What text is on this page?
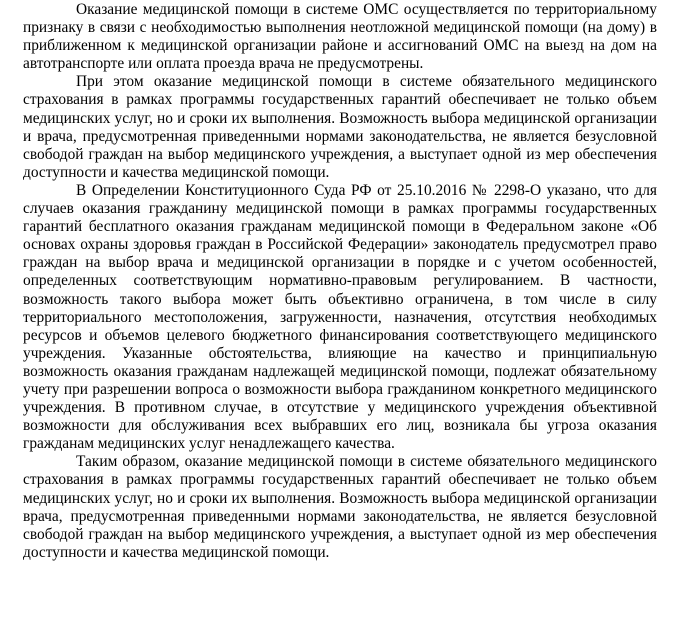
Оказание медицинской помощи в системе ОМС осуществляется по территориальному признаку в связи с необходимостью выполнения неотложной медицинской помощи (на дому) в приближенном к медицинской организации районе и ассигнований ОМС на выезд на дом на автотранспорте или оплата проезда врача не предусмотрены.

При этом оказание медицинской помощи в системе обязательного медицинского страхования в рамках программы государственных гарантий обеспечивает не только объем медицинских услуг, но и сроки их выполнения. Возможность выбора медицинской организации и врача, предусмотренная приведенными нормами законодательства, не является безусловной свободой граждан на выбор медицинского учреждения, а выступает одной из мер обеспечения доступности и качества медицинской помощи.

В Определении Конституционного Суда РФ от 25.10.2016 № 2298-О указано, что для случаев оказания гражданину медицинской помощи в рамках программы государственных гарантий бесплатного оказания гражданам медицинской помощи в Федеральном законе «Об основах охраны здоровья граждан в Российской Федерации» законодатель предусмотрел право граждан на выбор врача и медицинской организации в порядке и с учетом особенностей, определенных соответствующим нормативно-правовым регулированием. В частности, возможность такого выбора может быть объективно ограничена, в том числе в силу территориального местоположения, загруженности, назначения, отсутствия необходимых ресурсов и объемов целевого бюджетного финансирования соответствующего медицинского учреждения. Указанные обстоятельства, влияющие на качество и принципиальную возможность оказания гражданам надлежащей медицинской помощи, подлежат обязательному учету при разрешении вопроса о возможности выбора гражданином конкретного медицинского учреждения. В противном случае, в отсутствие у медицинского учреждения объективной возможности для обслуживания всех выбравших его лиц, возникала бы угроза оказания гражданам медицинских услуг ненадлежащего качества.

Таким образом, оказание медицинской помощи в системе обязательного медицинского страхования в рамках программы государственных гарантий обеспечивает не только объем медицинских услуг, но и сроки их выполнения. Возможность выбора медицинской организации врача, предусмотренная приведенными нормами законодательства, не является безусловной свободой граждан на выбор медицинского учреждения, а выступает одной из мер обеспечения доступности и качества медицинской помощи.
